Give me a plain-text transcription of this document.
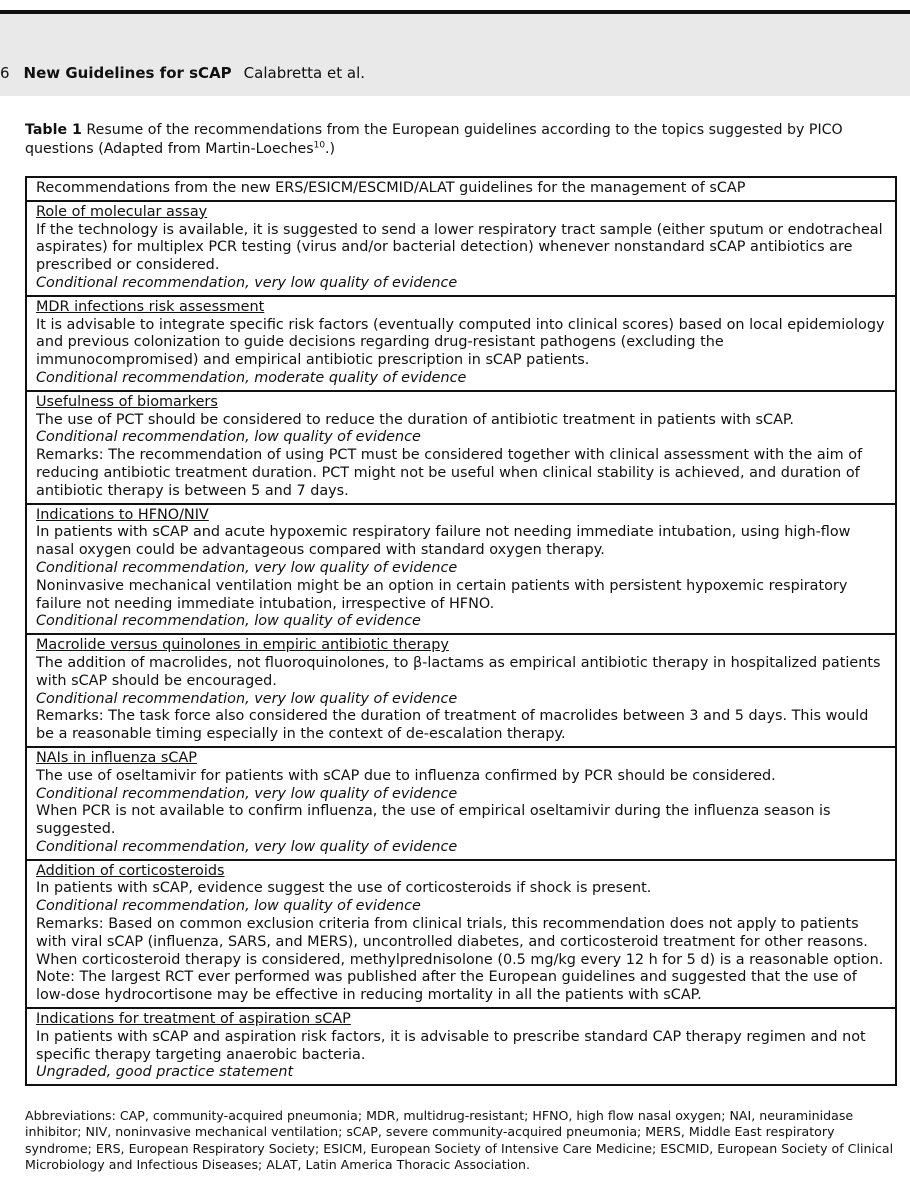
6 New Guidelines for sCAP Calabretta et al.
Table 1 Resume of the recommendations from the European guidelines according to the topics suggested by PICO questions (Adapted from Martin-Loeches$^{10}$.)
Recommendations from the new ERS/ESICM/ESCMID/ALAT guidelines for the management of sCAP

Role of molecular assay
If the technology is available, it is suggested to send a lower respiratory tract sample (either sputum or endotracheal aspirates) for multiplex PCR testing (virus and/or bacterial detection) whenever nonstandard sCAP antibiotics are prescribed or considered.
Conditional recommendation, very low quality of evidence

MDR infections risk assessment
It is advisable to integrate specific risk factors (eventually computed into clinical scores) based on local epidemiology and previous colonization to guide decisions regarding drug-resistant pathogens (excluding the immunocompromised) and empirical antibiotic prescription in sCAP patients.
Conditional recommendation, moderate quality of evidence

Usefulness of biomarkers
The use of PCT should be considered to reduce the duration of antibiotic treatment in patients with sCAP.
Conditional recommendation, low quality of evidence
Remarks: The recommendation of using PCT must be considered together with clinical assessment with the aim of reducing antibiotic treatment duration. PCT might not be useful when clinical stability is achieved, and duration of antibiotic therapy is between 5 and 7 days.

Indications to HFNO/NIV
In patients with sCAP and acute hypoxemic respiratory failure not needing immediate intubation, using high-flow nasal oxygen could be advantageous compared with standard oxygen therapy.
Conditional recommendation, very low quality of evidence
Noninvasive mechanical ventilation might be an option in certain patients with persistent hypoxemic respiratory failure not needing immediate intubation, irrespective of HFNO.
Conditional recommendation, low quality of evidence

Macrolide versus quinolones in empiric antibiotic therapy
The addition of macrolides, not fluoroquinolones, to β-lactams as empirical antibiotic therapy in hospitalized patients with sCAP should be encouraged.
Conditional recommendation, very low quality of evidence
Remarks: The task force also considered the duration of treatment of macrolides between 3 and 5 days. This would be a reasonable timing especially in the context of de-escalation therapy.

NAIs in influenza sCAP
The use of oseltamivir for patients with sCAP due to influenza confirmed by PCR should be considered.
Conditional recommendation, very low quality of evidence
When PCR is not available to confirm influenza, the use of empirical oseltamivir during the influenza season is suggested.
Conditional recommendation, very low quality of evidence

Addition of corticosteroids
In patients with sCAP, evidence suggest the use of corticosteroids if shock is present.
Conditional recommendation, low quality of evidence
Remarks: Based on common exclusion criteria from clinical trials, this recommendation does not apply to patients with viral sCAP (influenza, SARS, and MERS), uncontrolled diabetes, and corticosteroid treatment for other reasons. When corticosteroid therapy is considered, methylprednisolone (0.5 mg/kg every 12 h for 5 d) is a reasonable option.
Note: The largest RCT ever performed was published after the European guidelines and suggested that the use of low-dose hydrocortisone may be effective in reducing mortality in all the patients with sCAP.

Indications for treatment of aspiration sCAP
In patients with sCAP and aspiration risk factors, it is advisable to prescribe standard CAP therapy regimen and not specific therapy targeting anaerobic bacteria.
Ungraded, good practice statement
Abbreviations: CAP, community-acquired pneumonia; MDR, multidrug-resistant; HFNO, high flow nasal oxygen; NAI, neuraminidase inhibitor; NIV, noninvasive mechanical ventilation; sCAP, severe community-acquired pneumonia; MERS, Middle East respiratory syndrome; ERS, European Respiratory Society; ESICM, European Society of Intensive Care Medicine; ESCMID, European Society of Clinical Microbiology and Infectious Diseases; ALAT, Latin America Thoracic Association.
